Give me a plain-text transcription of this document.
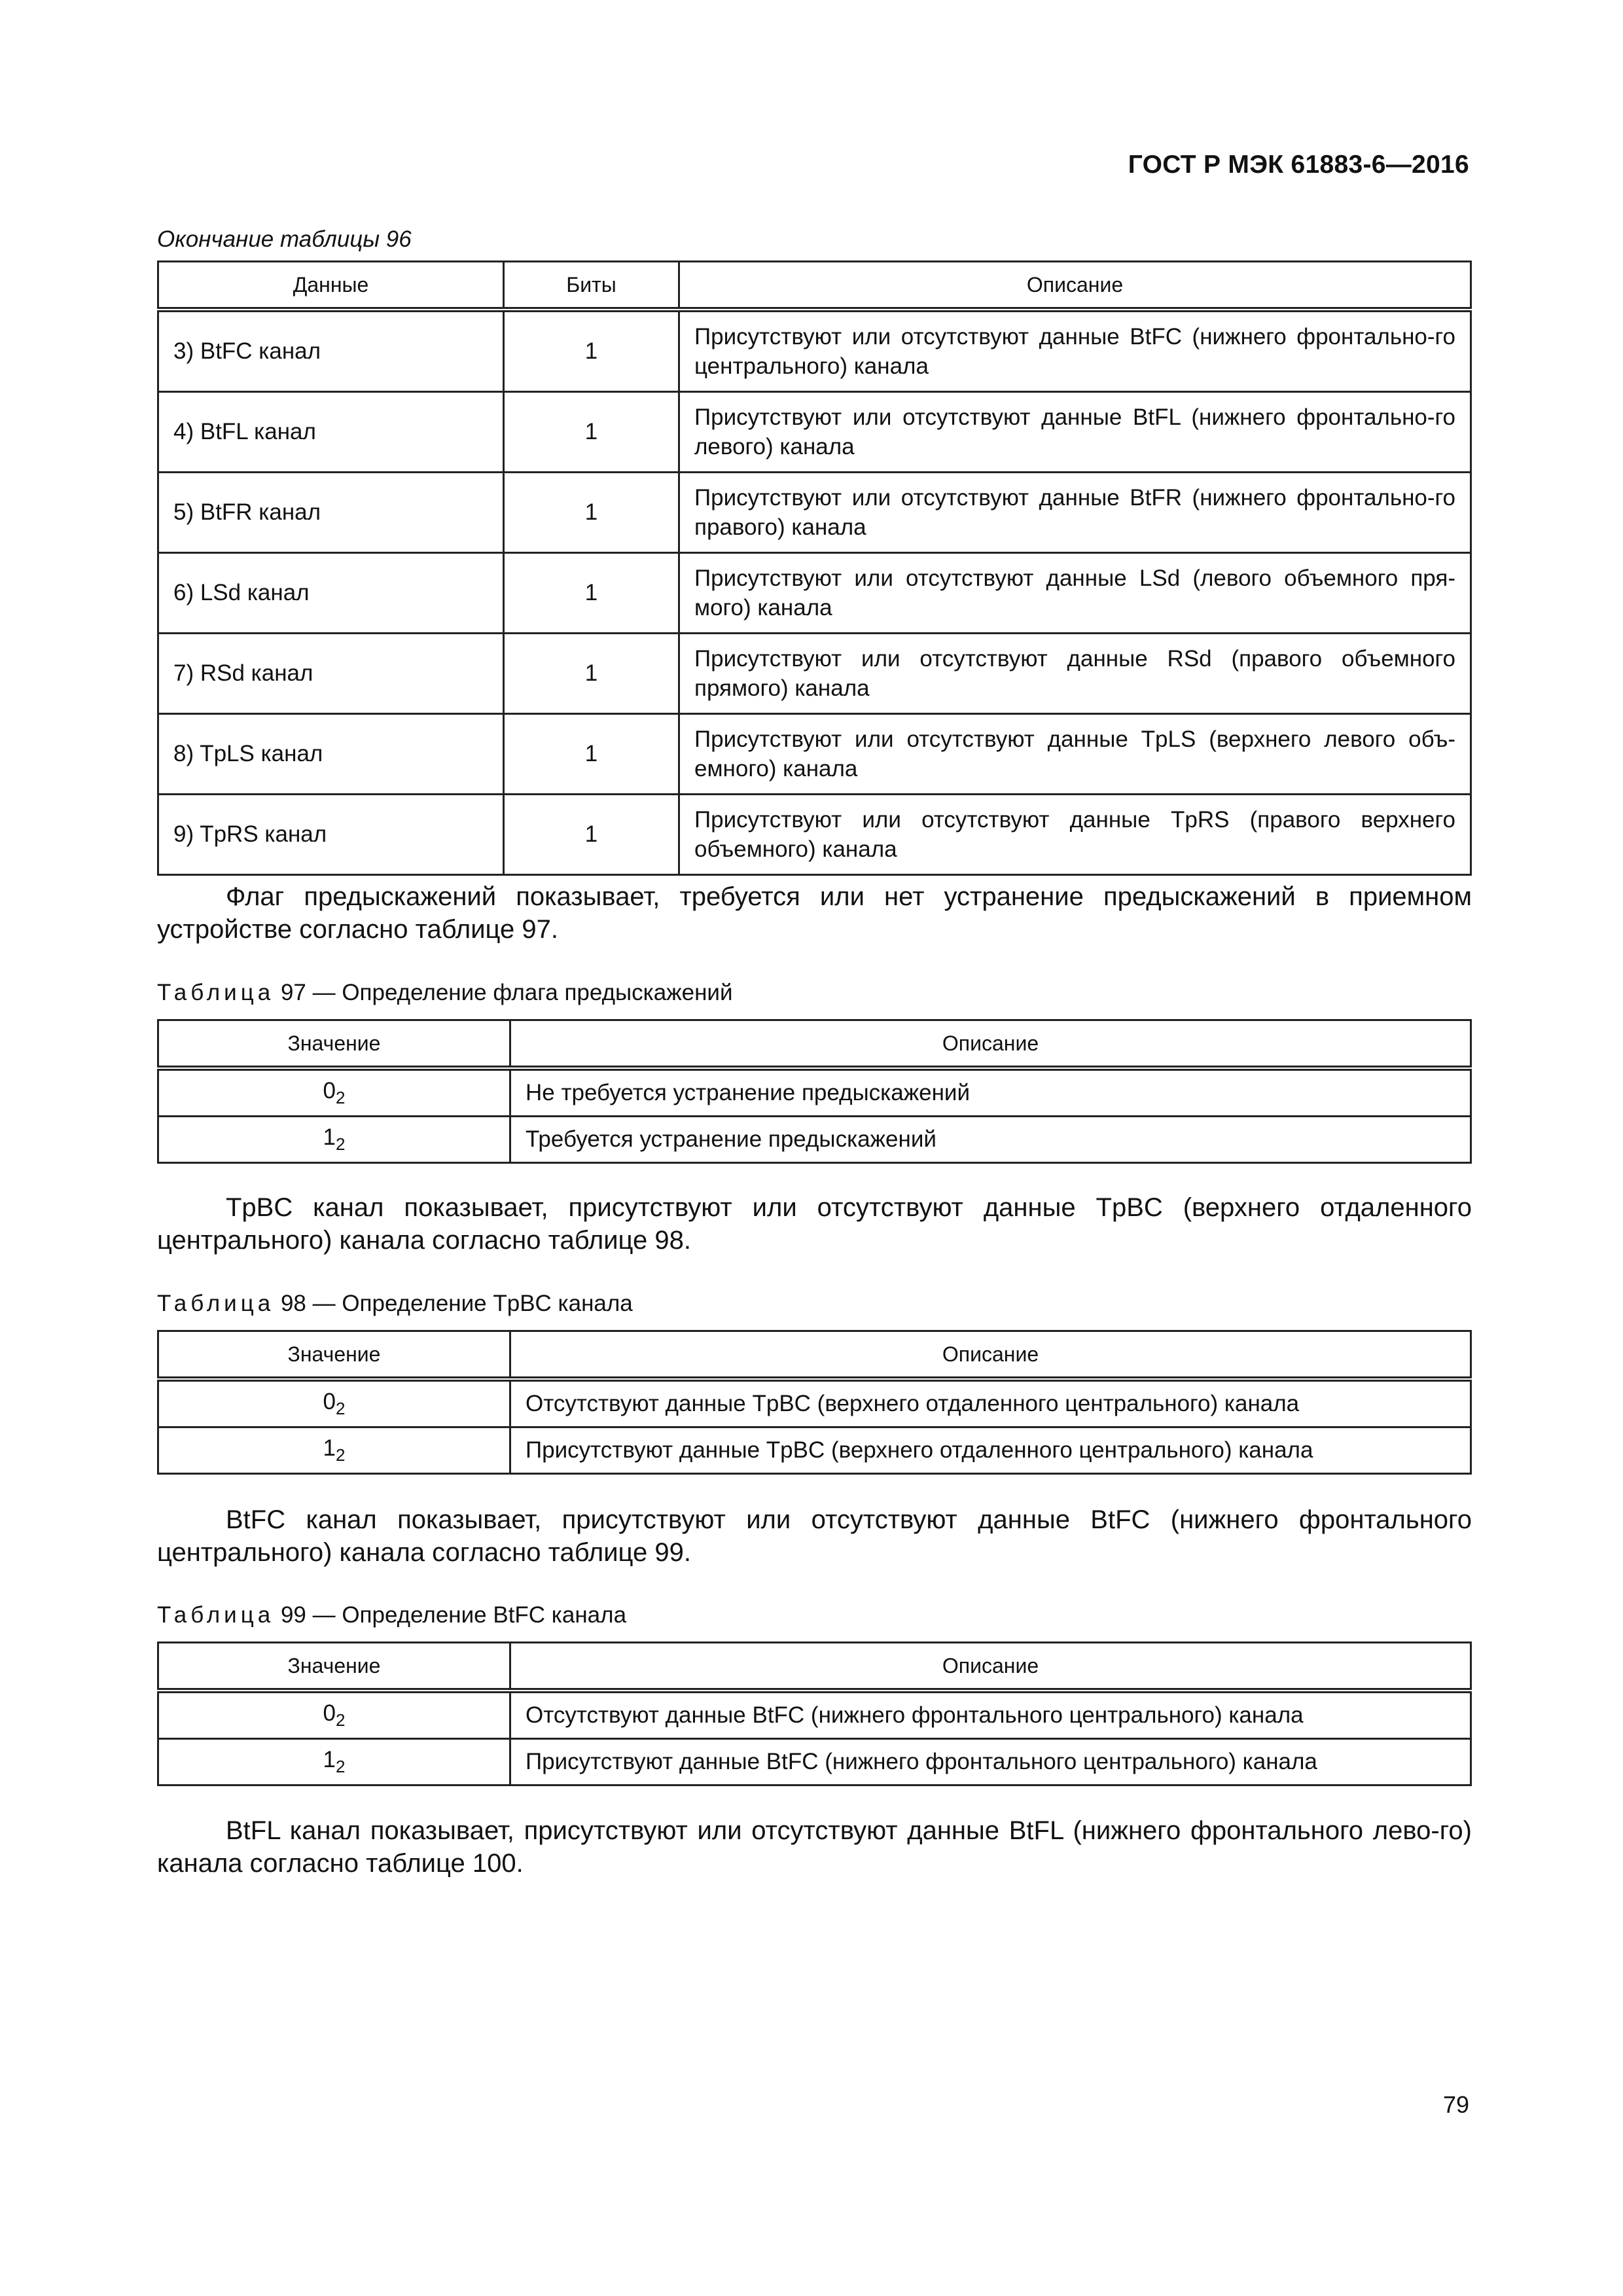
ГОСТ Р МЭК 61883-6—2016
Окончание таблицы 96
Данные	Биты	Описание
3) BtFC канал	1	Присутствуют или отсутствуют данные BtFC (нижнего фронтально-го центрального) канала
4) BtFL канал	1	Присутствуют или отсутствуют данные BtFL (нижнего фронтально-го левого) канала
5) BtFR канал	1	Присутствуют или отсутствуют данные BtFR (нижнего фронтально-го правого) канала
6) LSd канал	1	Присутствуют или отсутствуют данные LSd (левого объемного пря-мого) канала
7) RSd канал	1	Присутствуют или отсутствуют данные RSd (правого объемного прямого) канала
8) TpLS канал	1	Присутствуют или отсутствуют данные TpLS (верхнего левого объ-емного) канала
9) TpRS канал	1	Присутствуют или отсутствуют данные TpRS (правого верхнего объемного) канала
Флаг предыскажений показывает, требуется или нет устранение предыскажений в приемном устройстве согласно таблице 97.
Таблица 97 — Определение флага предыскажений
Значение	Описание
$0_2$	Не требуется устранение предыскажений
$1_2$	Требуется устранение предыскажений
TpBC канал показывает, присутствуют или отсутствуют данные TpBC (верхнего отдаленного центрального) канала согласно таблице 98.
Таблица 98 — Определение TpBC канала
Значение	Описание
$0_2$	Отсутствуют данные TpBC (верхнего отдаленного центрального) канала
$1_2$	Присутствуют данные TpBC (верхнего отдаленного центрального) канала
BtFC канал показывает, присутствуют или отсутствуют данные BtFC (нижнего фронтального центрального) канала согласно таблице 99.
Таблица 99 — Определение BtFC канала
Значение	Описание
$0_2$	Отсутствуют данные BtFC (нижнего фронтального центрального) канала
$1_2$	Присутствуют данные BtFC (нижнего фронтального центрального) канала
BtFL канал показывает, присутствуют или отсутствуют данные BtFL (нижнего фронтального лево-го) канала согласно таблице 100.
79
